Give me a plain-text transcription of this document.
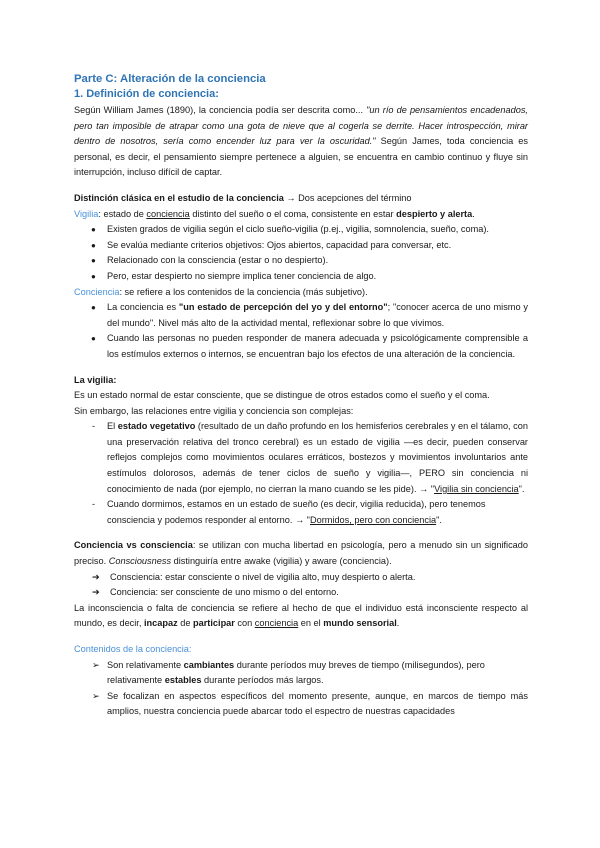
Parte C: Alteración de la conciencia

1. Definición de conciencia:

Según William James (1890), la conciencia podía ser descrita como... "un río de pensamientos encadenados, pero tan imposible de atrapar como una gota de nieve que al cogerla se derrite. Hacer introspección, mirar dentro de nosotros, sería como encender luz para ver la oscuridad." Según James, toda conciencia es personal, es decir, el pensamiento siempre pertenece a alguien, se encuentra en cambio continuo y fluye sin interrupción, incluso difícil de captar.

Distinción clásica en el estudio de la conciencia → Dos acepciones del término

Vigilia: estado de conciencia distinto del sueño o el coma, consistente en estar despierto y alerta.

● Existen grados de vigilia según el ciclo sueño-vigilia (p.ej., vigilia, somnolencia, sueño, coma).
● Se evalúa mediante criterios objetivos: Ojos abiertos, capacidad para conversar, etc.
● Relacionado con la consciencia (estar o no despierto).
● Pero, estar despierto no siempre implica tener conciencia de algo.

Conciencia: se refiere a los contenidos de la conciencia (más subjetivo).

● La conciencia es "un estado de percepción del yo y del entorno"; "conocer acerca de uno mismo y del mundo". Nivel más alto de la actividad mental, reflexionar sobre lo que vivimos.
● Cuando las personas no pueden responder de manera adecuada y psicológicamente comprensible a los estímulos externos o internos, se encuentran bajo los efectos de una alteración de la conciencia.

La vigilia:

Es un estado normal de estar consciente, que se distingue de otros estados como el sueño y el coma.

Sin embargo, las relaciones entre vigilia y conciencia son complejas:

- El estado vegetativo (resultado de un daño profundo en los hemisferios cerebrales y en el tálamo, con una preservación relativa del tronco cerebral) es un estado de vigilia —es decir, pueden conservar reflejos complejos como movimientos oculares erráticos, bostezos y movimientos involuntarios ante estímulos dolorosos, además de tener ciclos de sueño y vigilia—, PERO sin conciencia ni conocimiento de nada (por ejemplo, no cierran la mano cuando se les pide). → "Vigilia sin conciencia".
- Cuando dormimos, estamos en un estado de sueño (es decir, vigilia reducida), pero tenemos consciencia y podemos responder al entorno. → "Dormidos, pero con conciencia".

Conciencia vs consciencia: se utilizan con mucha libertad en psicología, pero a menudo sin un significado preciso. Consciousness distinguiría entre awake (vigilia) y aware (conciencia).

➔ Consciencia: estar consciente o nivel de vigilia alto, muy despierto o alerta.
➔ Conciencia: ser consciente de uno mismo o del entorno.

La inconsciencia o falta de conciencia se refiere al hecho de que el individuo está inconsciente respecto al mundo, es decir, incapaz de participar con conciencia en el mundo sensorial.

Contenidos de la conciencia:

➢ Son relativamente cambiantes durante períodos muy breves de tiempo (milisegundos), pero relativamente estables durante períodos más largos.
➢ Se focalizan en aspectos específicos del momento presente, aunque, en marcos de tiempo más amplios, nuestra conciencia puede abarcar todo el espectro de nuestras capacidades
